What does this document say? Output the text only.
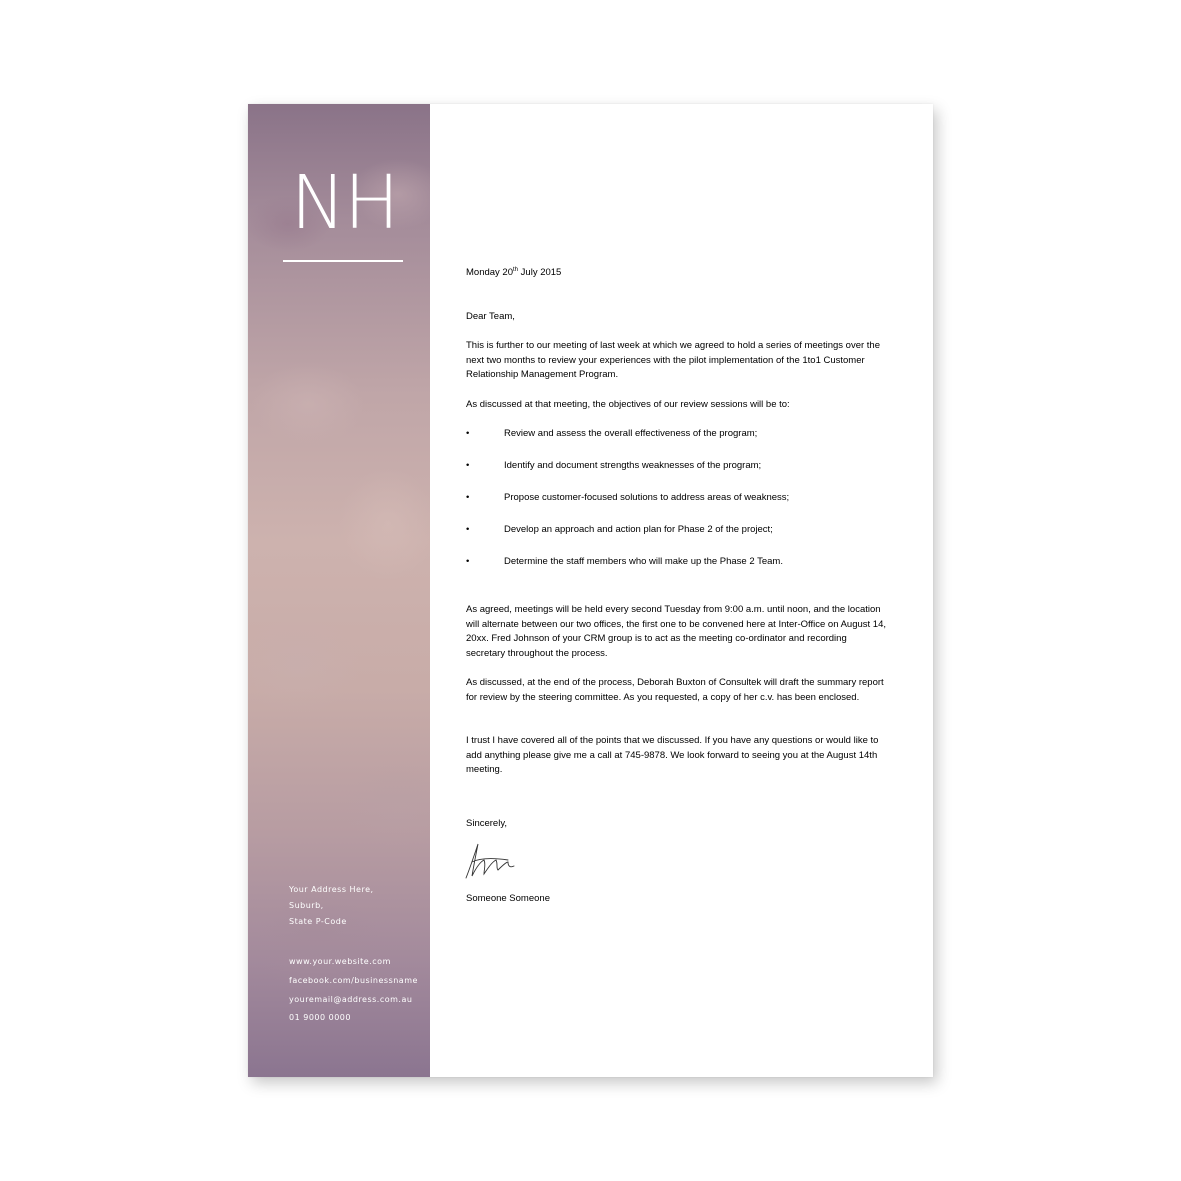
NH
Your Address Here,
Suburb,
State P-Code
www.your.website.com
facebook.com/businessname
youremail@address.com.au
01 9000 0000
Monday 20th July 2015
Dear Team,
This is further to our meeting of last week at which we agreed to hold a series of meetings over the next two months to review your experiences with the pilot implementation of the 1to1 Customer Relationship Management Program.
As discussed at that meeting, the objectives of our review sessions will be to:
•	Review and assess the overall effectiveness of the program;
•	Identify and document strengths weaknesses of the program;
•	Propose customer-focused solutions to address areas of weakness;
•	Develop an approach and action plan for Phase 2 of the project;
•	Determine the staff members who will make up the Phase 2 Team.
As agreed, meetings will be held every second Tuesday from 9:00 a.m. until noon, and the location will alternate between our two offices, the first one to be convened here at Inter-Office on August 14, 20xx. Fred Johnson of your CRM group is to act as the meeting co-ordinator and recording secretary throughout the process.
As discussed, at the end of the process, Deborah Buxton of Consultek will draft the summary report for review by the steering committee. As you requested, a copy of her c.v. has been enclosed.
I trust I have covered all of the points that we discussed. If you have any questions or would like to add anything please give me a call at 745-9878. We look forward to seeing you at the August 14th meeting.
Sincerely,
Someone Someone
